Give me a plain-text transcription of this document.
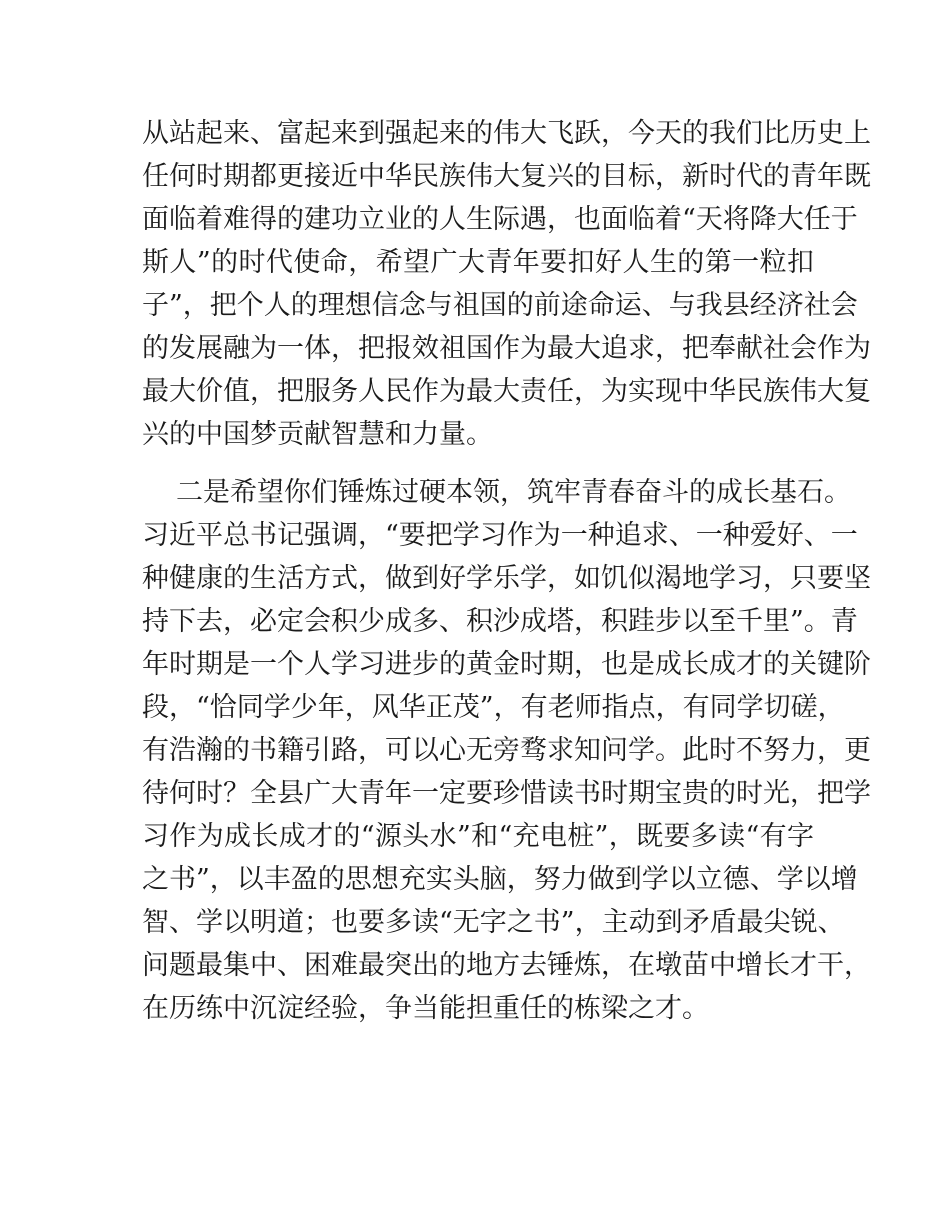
从站起来、富起来到强起来的伟大飞跃，今天的我们比历史上
任何时期都更接近中华民族伟大复兴的目标，新时代的青年既
面临着难得的建功立业的人生际遇，也面临着“天将降大任于
斯人”的时代使命，希望广大青年要扣好人生的第一粒扣
子”，把个人的理想信念与祖国的前途命运、与我县经济社会
的发展融为一体，把报效祖国作为最大追求，把奉献社会作为
最大价值，把服务人民作为最大责任，为实现中华民族伟大复
兴的中国梦贡献智慧和力量。
二是希望你们锤炼过硬本领，筑牢青春奋斗的成长基石。
习近平总书记强调，“要把学习作为一种追求、一种爱好、一
种健康的生活方式，做到好学乐学，如饥似渴地学习，只要坚
持下去，必定会积少成多、积沙成塔，积跬步以至千里”。青
年时期是一个人学习进步的黄金时期，也是成长成才的关键阶
段，“恰同学少年，风华正茂”，有老师指点，有同学切磋，
有浩瀚的书籍引路，可以心无旁骛求知问学。此时不努力，更
待何时？全县广大青年一定要珍惜读书时期宝贵的时光，把学
习作为成长成才的“源头水”和“充电桩”，既要多读“有字
之书”，以丰盈的思想充实头脑，努力做到学以立德、学以增
智、学以明道；也要多读“无字之书”，主动到矛盾最尖锐、
问题最集中、困难最突出的地方去锤炼，在墩苗中增长才干，
在历练中沉淀经验，争当能担重任的栋梁之才。
